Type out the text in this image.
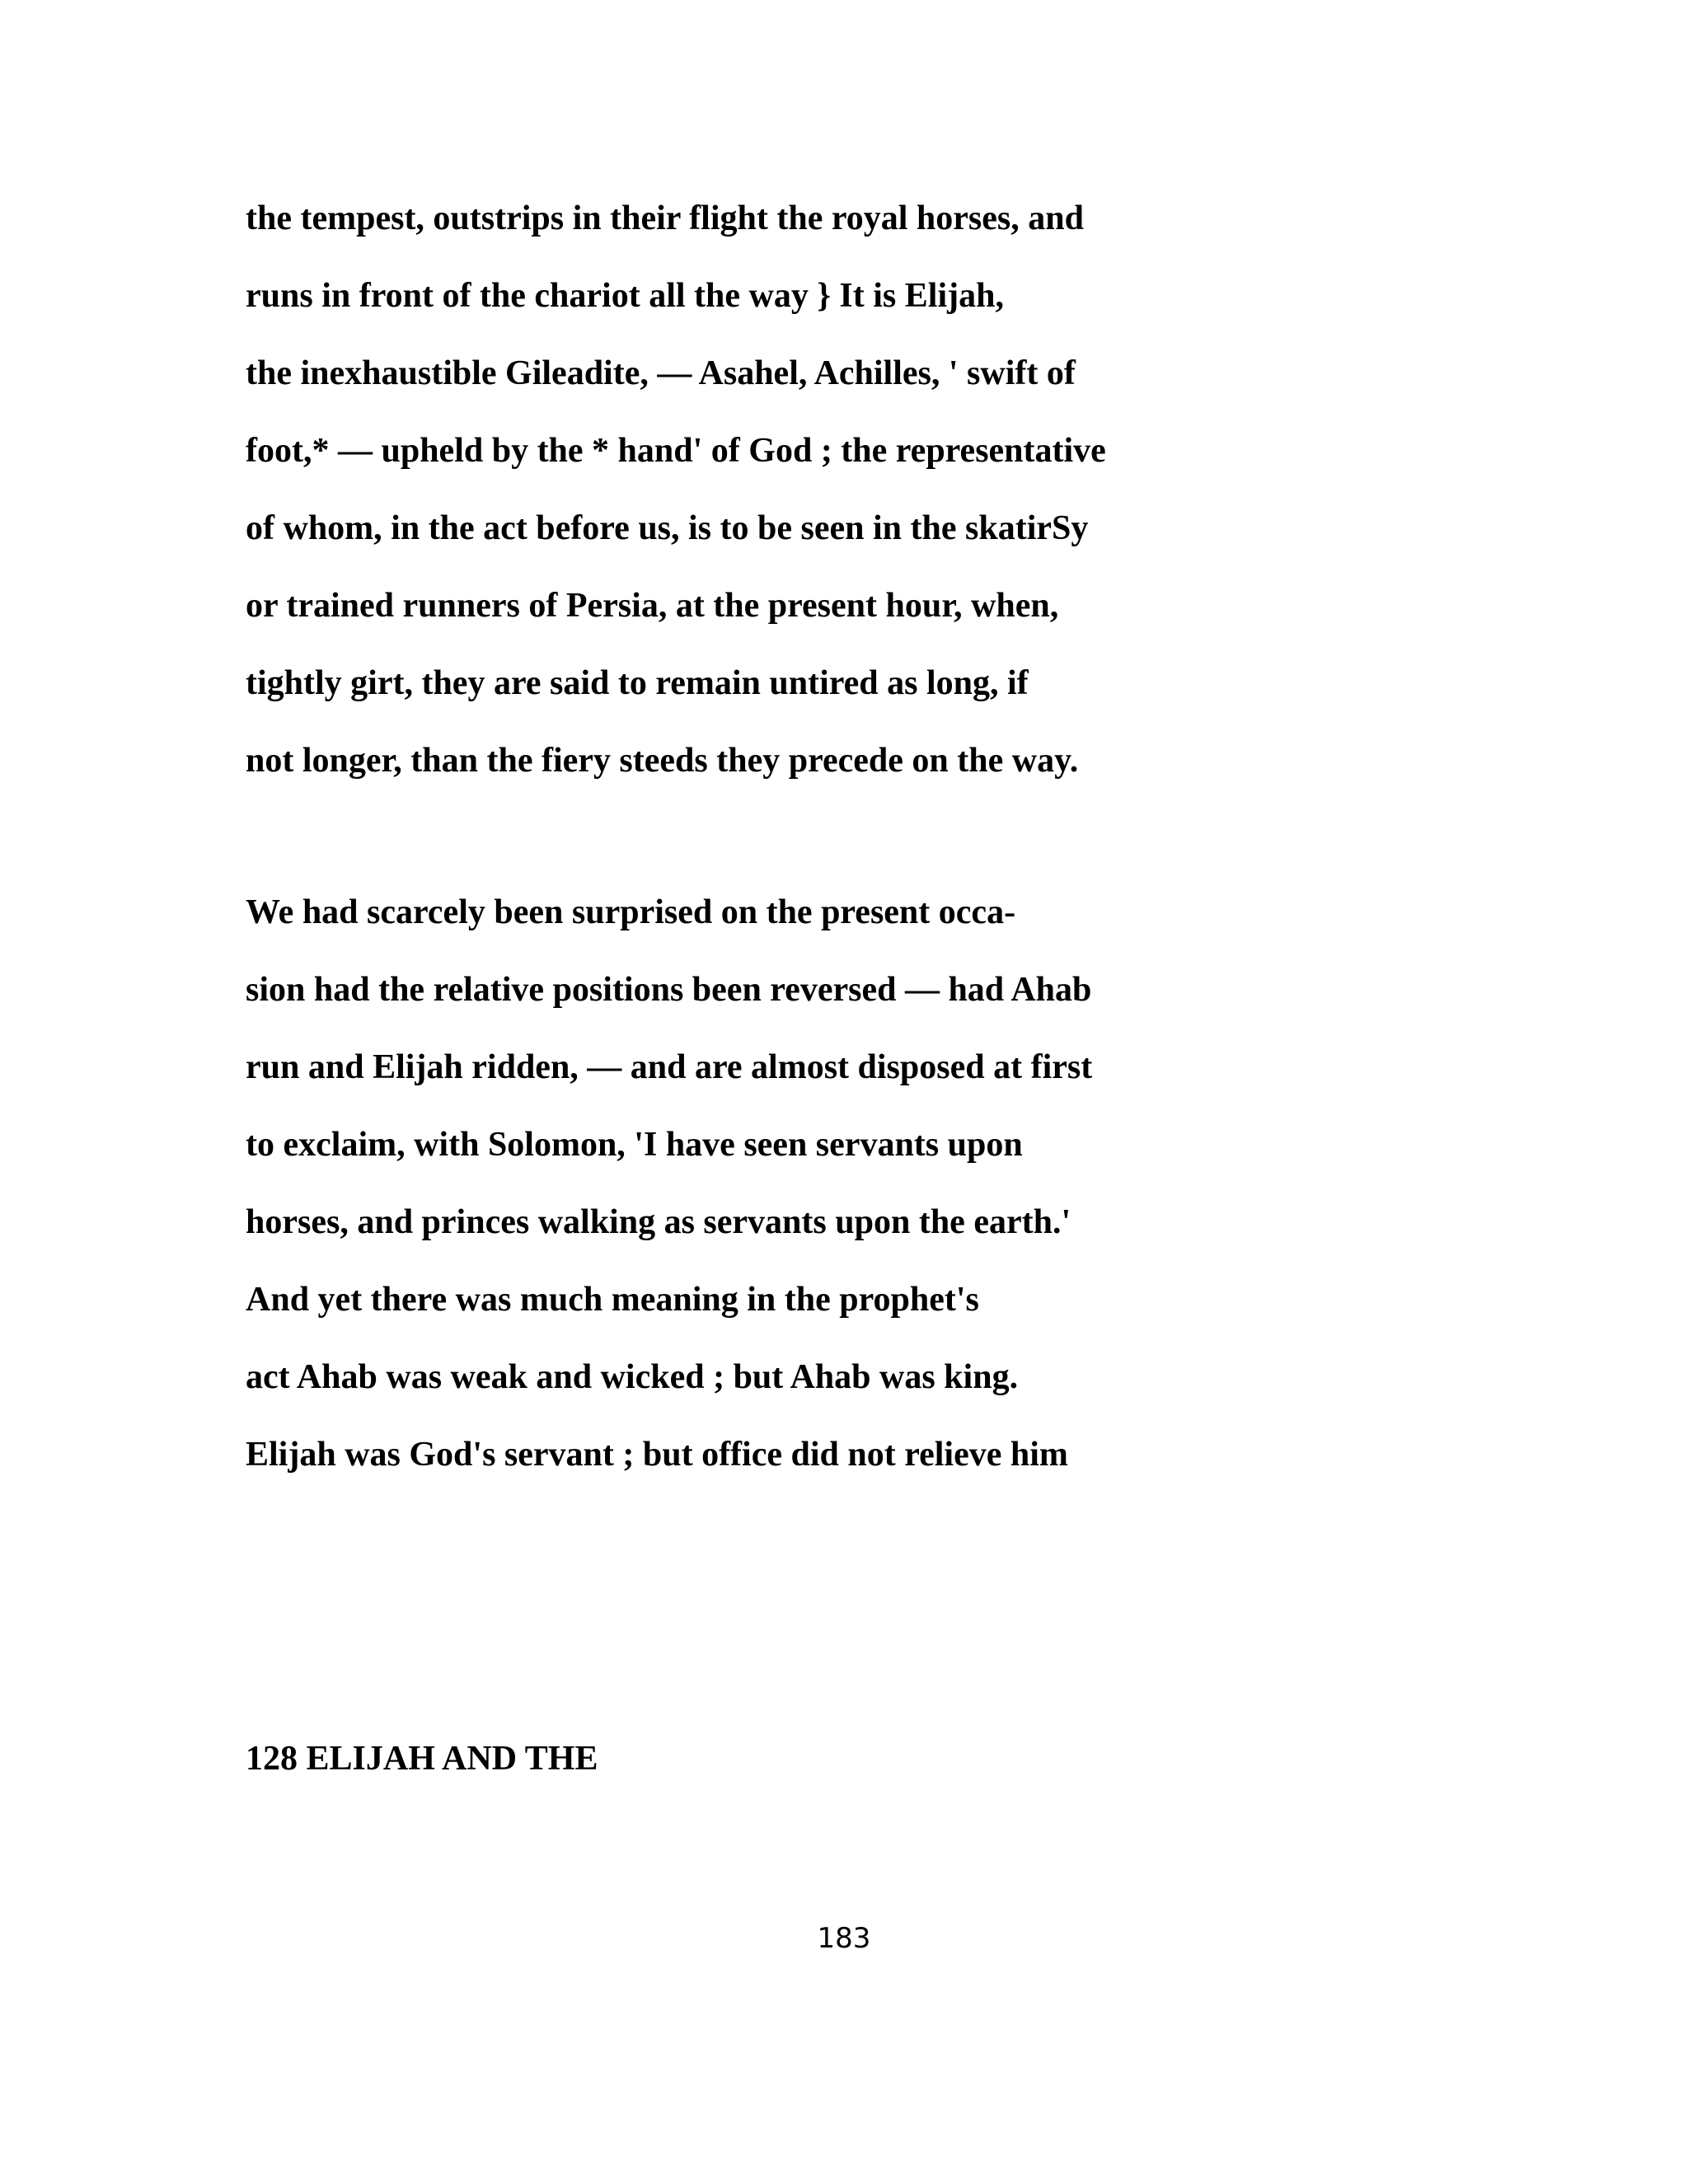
the tempest, outstrips in their flight the royal horses, and
runs in front of the chariot all the way } It is Elijah,
the inexhaustible Gileadite, — Asahel, Achilles, ' swift of
foot,* — upheld by the * hand' of God ; the representative
of whom, in the act before us, is to be seen in the skatirSy
or trained runners of Persia, at the present hour, when,
tightly girt, they are said to remain untired as long, if
not longer, than the fiery steeds they precede on the way.
We had scarcely been surprised on the present occa-
sion had the relative positions been reversed — had Ahab
run and Elijah ridden, — and are almost disposed at first
to exclaim, with Solomon, 'I have seen servants upon
horses, and princes walking as servants upon the earth.'
And yet there was much meaning in the prophet's
act Ahab was weak and wicked ; but Ahab was king.
Elijah was God's servant ; but office did not relieve him
128 ELIJAH AND THE
183
